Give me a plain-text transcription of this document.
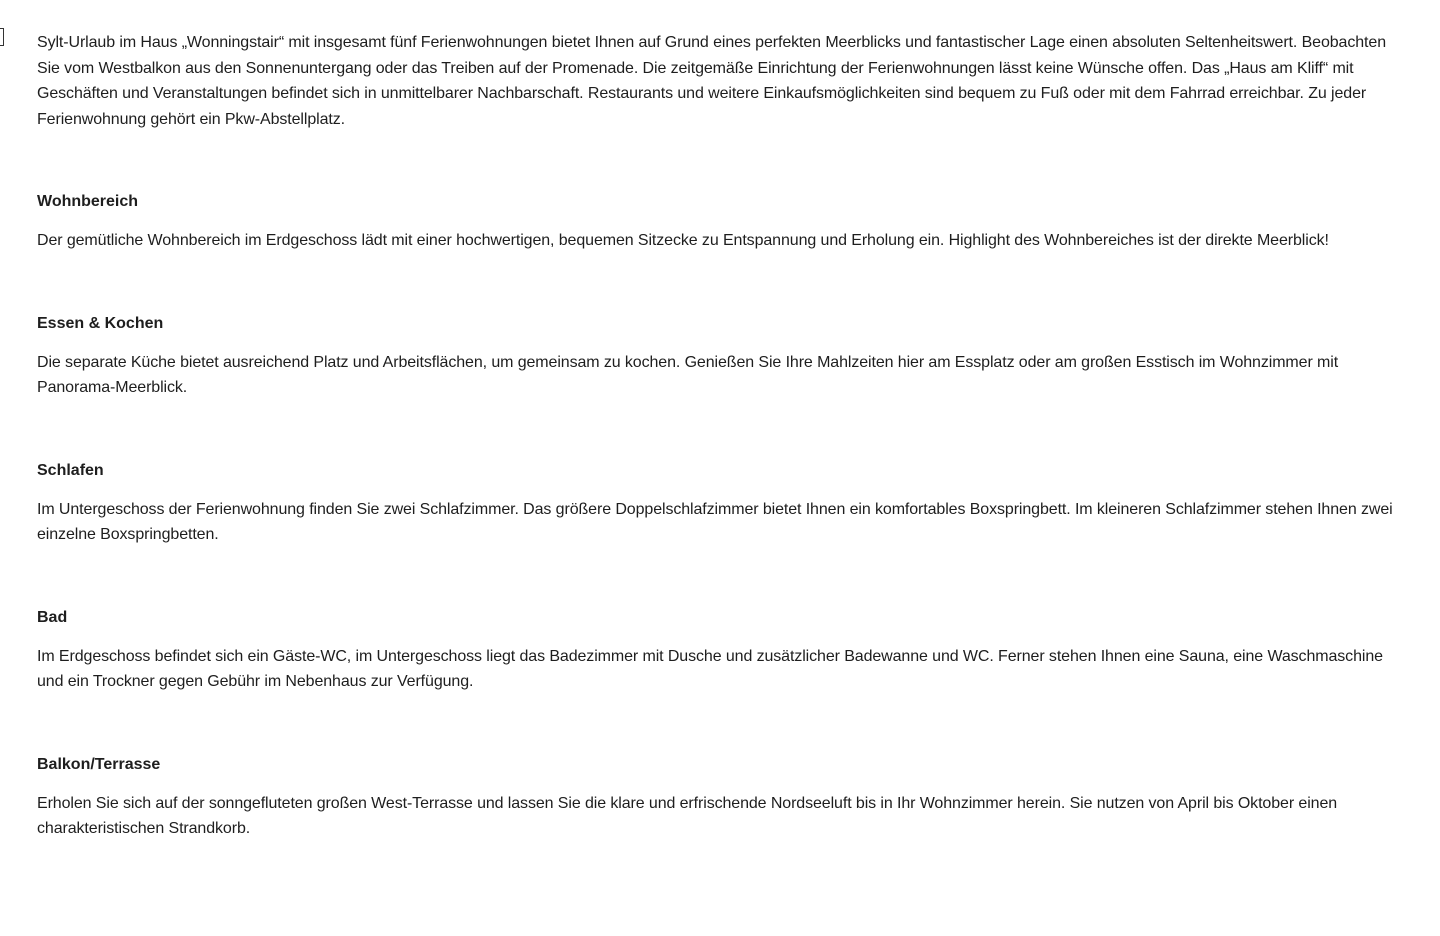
Sylt-Urlaub im Haus „Wonningstair“ mit insgesamt fünf Ferienwohnungen bietet Ihnen auf Grund eines perfekten Meerblicks und fantastischer Lage einen absoluten Seltenheitswert. Beobachten Sie vom Westbalkon aus den Sonnenuntergang oder das Treiben auf der Promenade. Die zeitgemäße Einrichtung der Ferienwohnungen lässt keine Wünsche offen. Das „Haus am Kliff“ mit Geschäften und Veranstaltungen befindet sich in unmittelbarer Nachbarschaft. Restaurants und weitere Einkaufsmöglichkeiten sind bequem zu Fuß oder mit dem Fahrrad erreichbar. Zu jeder Ferienwohnung gehört ein Pkw-Abstellplatz.

Wohnbereich

Der gemütliche Wohnbereich im Erdgeschoss lädt mit einer hochwertigen, bequemen Sitzecke zu Entspannung und Erholung ein. Highlight des Wohnbereiches ist der direkte Meerblick!

Essen & Kochen

Die separate Küche bietet ausreichend Platz und Arbeitsflächen, um gemeinsam zu kochen. Genießen Sie Ihre Mahlzeiten hier am Essplatz oder am großen Esstisch im Wohnzimmer mit Panorama-Meerblick.

Schlafen

Im Untergeschoss der Ferienwohnung finden Sie zwei Schlafzimmer. Das größere Doppelschlafzimmer bietet Ihnen ein komfortables Boxspringbett. Im kleineren Schlafzimmer stehen Ihnen zwei einzelne Boxspringbetten.

Bad

Im Erdgeschoss befindet sich ein Gäste-WC, im Untergeschoss liegt das Badezimmer mit Dusche und zusätzlicher Badewanne und WC. Ferner stehen Ihnen eine Sauna, eine Waschmaschine und ein Trockner gegen Gebühr im Nebenhaus zur Verfügung.

Balkon/Terrasse

Erholen Sie sich auf der sonngefluteten großen West-Terrasse und lassen Sie die klare und erfrischende Nordseeluft bis in Ihr Wohnzimmer herein. Sie nutzen von April bis Oktober einen charakteristischen Strandkorb.
